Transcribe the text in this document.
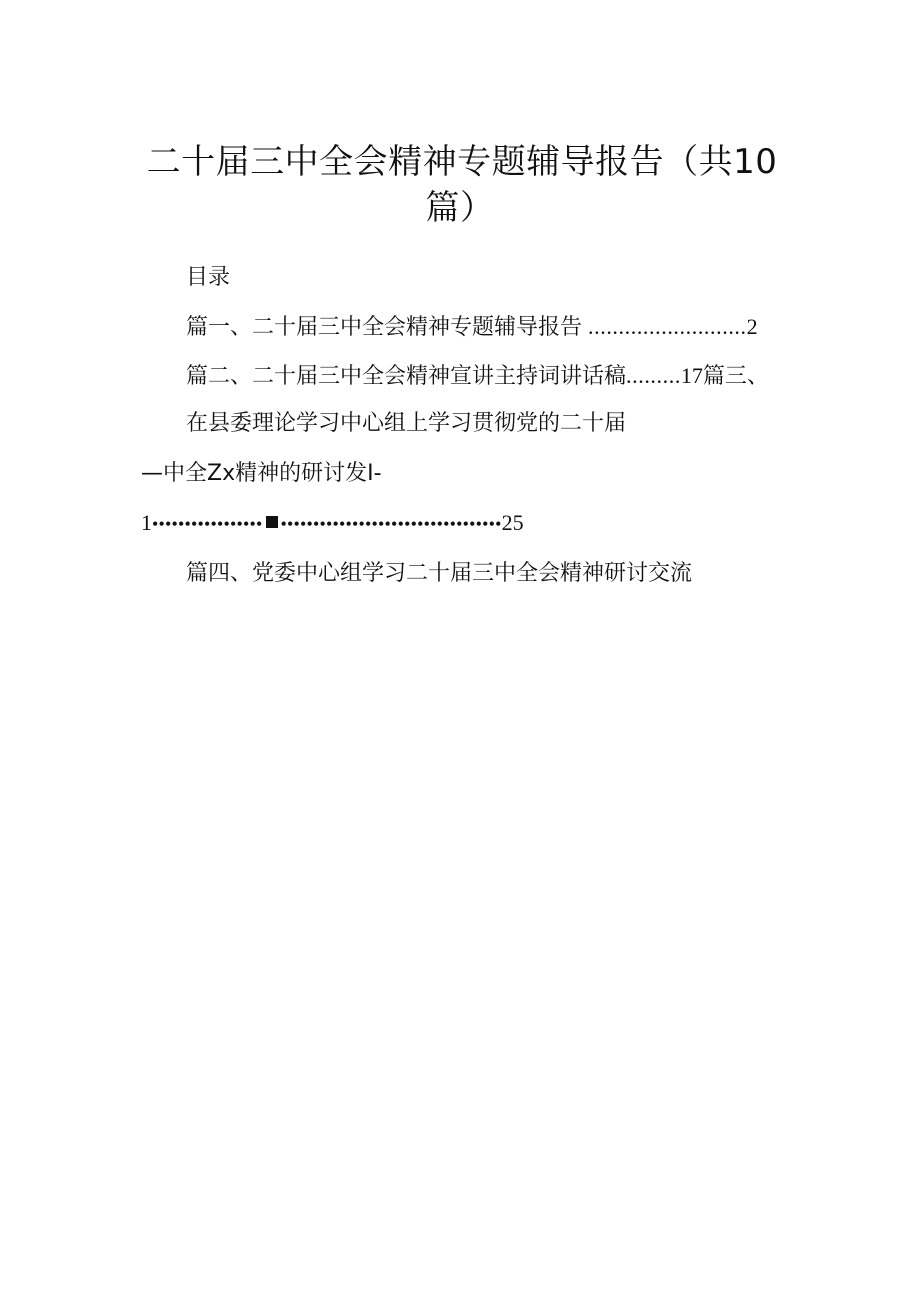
二十届三中全会精神专题辅导报告（共10
篇）
目录
篇一、二十届三中全会精神专题辅导报告 ..........................2
篇二、二十届三中全会精神宣讲主持词讲话稿.........17篇三、
在县委理论学习中心组上学习贯彻党的二十届
—中全Zx精神的研讨发I-
1••••••••••••••••• ••••••••••••••••••••••••••••••••••25
篇四、党委中心组学习二十届三中全会精神研讨交流
